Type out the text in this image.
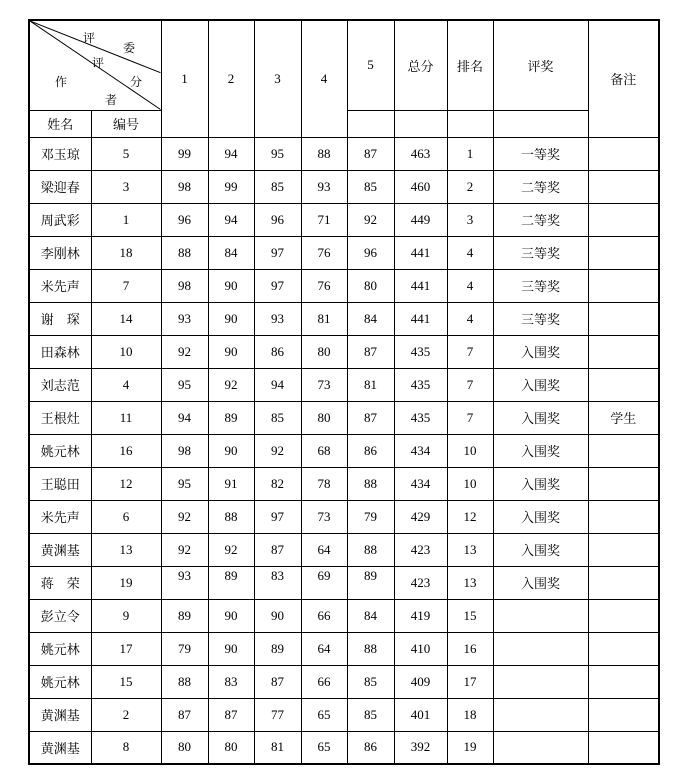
评
委
评
分
作
者
	1	2	3	4	5	总分	排名	评奖	备注
姓名	编号									
邓玉琼	5	99	94	95	88	87	463	1	一等奖	
梁迎春	3	98	99	85	93	85	460	2	二等奖	
周武彩	1	96	94	96	71	92	449	3	二等奖	
李刚林	18	88	84	97	76	96	441	4	三等奖	
米先声	7	98	90	97	76	80	441	4	三等奖	
谢　琛	14	93	90	93	81	84	441	4	三等奖	
田森林	10	92	90	86	80	87	435	7	入围奖	
刘志范	4	95	92	94	73	81	435	7	入围奖	
王根灶	11	94	89	85	80	87	435	7	入围奖	学生
姚元林	16	98	90	92	68	86	434	10	入围奖	
王聪田	12	95	91	82	78	88	434	10	入围奖	
米先声	6	92	88	97	73	79	429	12	入围奖	
黄渊基	13	92	92	87	64	88	423	13	入围奖	
蒋　荣	19	93	89	83	69	89	423	13	入围奖	
彭立令	9	89	90	90	66	84	419	15		
姚元林	17	79	90	89	64	88	410	16		
姚元林	15	88	83	87	66	85	409	17		
黄渊基	2	87	87	77	65	85	401	18		
黄渊基	8	80	80	81	65	86	392	19		
